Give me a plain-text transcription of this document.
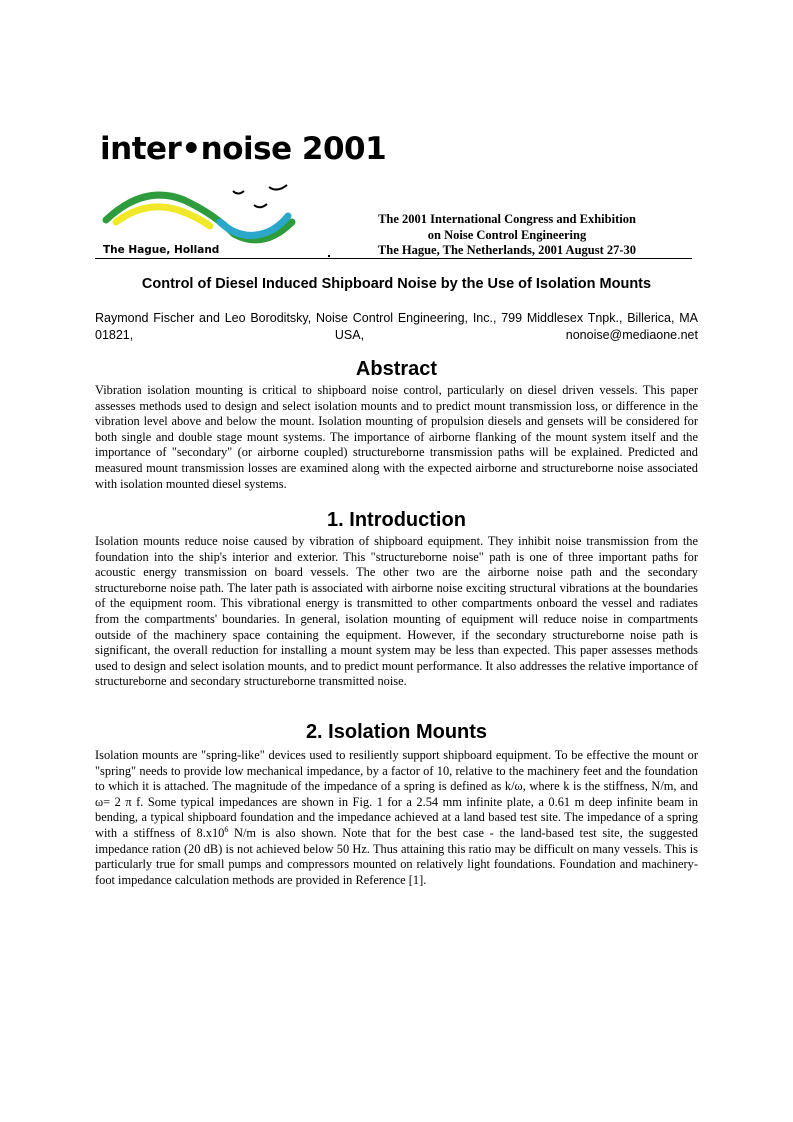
inter•noise 2001
The Hague, Holland
The 2001 International Congress and Exhibition
on Noise Control Engineering
The Hague, The Netherlands, 2001 August 27-30
Control of Diesel Induced Shipboard Noise by the Use of Isolation Mounts
Raymond Fischer and Leo Boroditsky, Noise Control Engineering, Inc., 799 Middlesex Tnpk., Billerica, MA 01821, USA, nonoise@mediaone.net
Abstract
Vibration isolation mounting is critical to shipboard noise control, particularly on diesel driven vessels. This paper assesses methods used to design and select isolation mounts and to predict mount transmission loss, or difference in the vibration level above and below the mount. Isolation mounting of propulsion diesels and gensets will be considered for both single and double stage mount systems. The importance of airborne flanking of the mount system itself and the importance of "secondary" (or airborne coupled) structureborne transmission paths will be explained. Predicted and measured mount transmission losses are examined along with the expected airborne and structureborne noise associated with isolation mounted diesel systems.
1. Introduction
Isolation mounts reduce noise caused by vibration of shipboard equipment. They inhibit noise transmission from the foundation into the ship's interior and exterior. This "structureborne noise" path is one of three important paths for acoustic energy transmission on board vessels. The other two are the airborne noise path and the secondary structureborne noise path. The later path is associated with airborne noise exciting structural vibrations at the boundaries of the equipment room. This vibrational energy is transmitted to other compartments onboard the vessel and radiates from the compartments' boundaries. In general, isolation mounting of equipment will reduce noise in compartments outside of the machinery space containing the equipment. However, if the secondary structureborne noise path is significant, the overall reduction for installing a mount system may be less than expected. This paper assesses methods used to design and select isolation mounts, and to predict mount performance. It also addresses the relative importance of structureborne and secondary structureborne transmitted noise.
2. Isolation Mounts
Isolation mounts are "spring-like" devices used to resiliently support shipboard equipment. To be effective the mount or "spring" needs to provide low mechanical impedance, by a factor of 10, relative to the machinery feet and the foundation to which it is attached. The magnitude of the impedance of a spring is defined as k/ω, where k is the stiffness, N/m, and ω= 2 π f. Some typical impedances are shown in Fig. 1 for a 2.54 mm infinite plate, a 0.61 m deep infinite beam in bending, a typical shipboard foundation and the impedance achieved at a land based test site. The impedance of a spring with a stiffness of $8.x10^6$ N/m is also shown. Note that for the best case - the land-based test site, the suggested impedance ration (20 dB) is not achieved below 50 Hz. Thus attaining this ratio may be difficult on many vessels. This is particularly true for small pumps and compressors mounted on relatively light foundations. Foundation and machinery-foot impedance calculation methods are provided in Reference [1].
